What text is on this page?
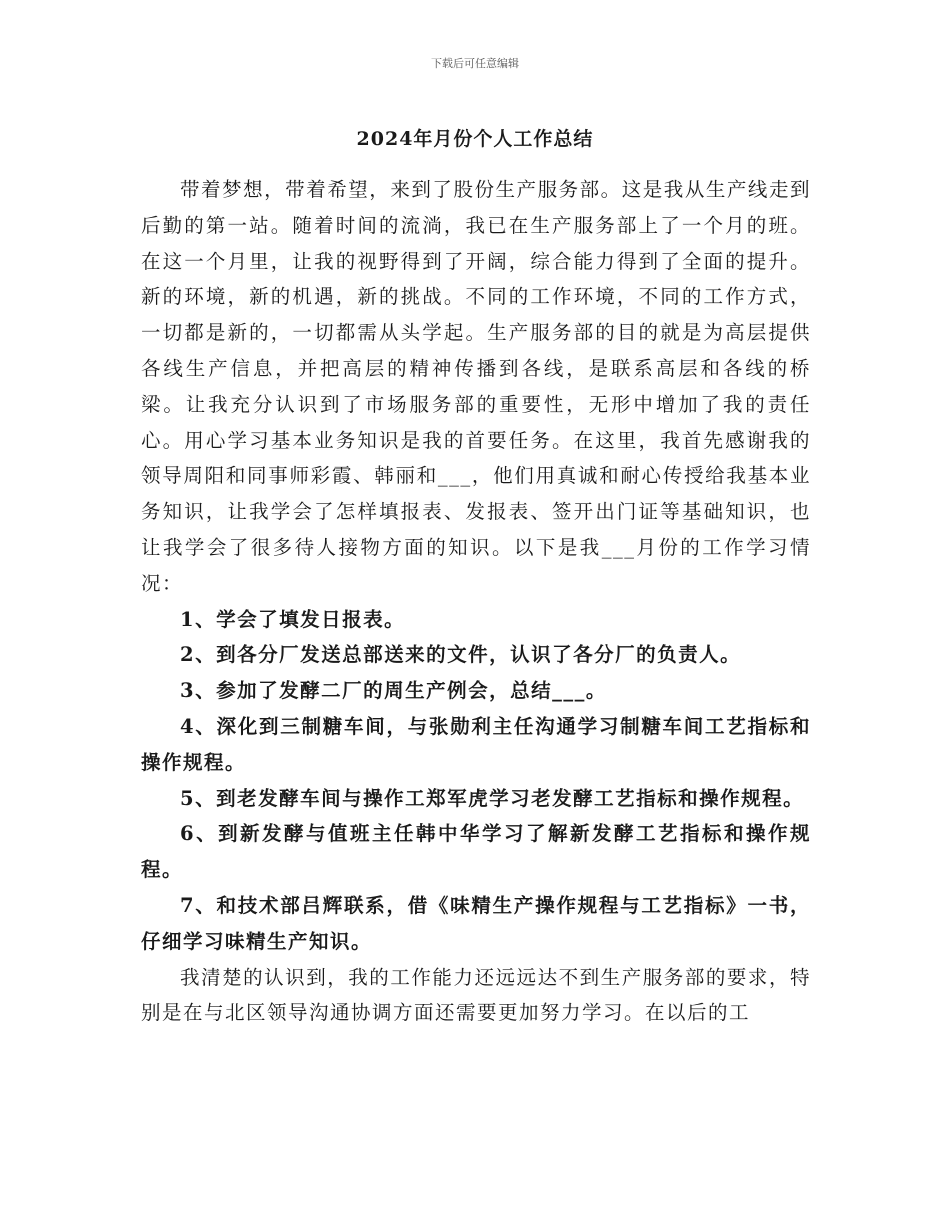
下载后可任意编辑
2024年月份个人工作总结

带着梦想，带着希望，来到了股份生产服务部。这是我从生产线走到后勤的第一站。随着时间的流淌，我已在生产服务部上了一个月的班。在这一个月里，让我的视野得到了开阔，综合能力得到了全面的提升。新的环境，新的机遇，新的挑战。不同的工作环境，不同的工作方式，一切都是新的，一切都需从头学起。生产服务部的目的就是为高层提供各线生产信息，并把高层的精神传播到各线，是联系高层和各线的桥梁。让我充分认识到了市场服务部的重要性，无形中增加了我的责任心。用心学习基本业务知识是我的首要任务。在这里，我首先感谢我的领导周阳和同事师彩霞、韩丽和___，他们用真诚和耐心传授给我基本业务知识，让我学会了怎样填报表、发报表、签开出门证等基础知识，也让我学会了很多待人接物方面的知识。以下是我___月份的工作学习情况：

1、学会了填发日报表。

2、到各分厂发送总部送来的文件，认识了各分厂的负责人。

3、参加了发酵二厂的周生产例会，总结___。

4、深化到三制糖车间，与张勋利主任沟通学习制糖车间工艺指标和操作规程。

5、到老发酵车间与操作工郑军虎学习老发酵工艺指标和操作规程。

6、到新发酵与值班主任韩中华学习了解新发酵工艺指标和操作规程。

7、和技术部吕辉联系，借《味精生产操作规程与工艺指标》一书，仔细学习味精生产知识。

我清楚的认识到，我的工作能力还远远达不到生产服务部的要求，特别是在与北区领导沟通协调方面还需要更加努力学习。在以后的工
